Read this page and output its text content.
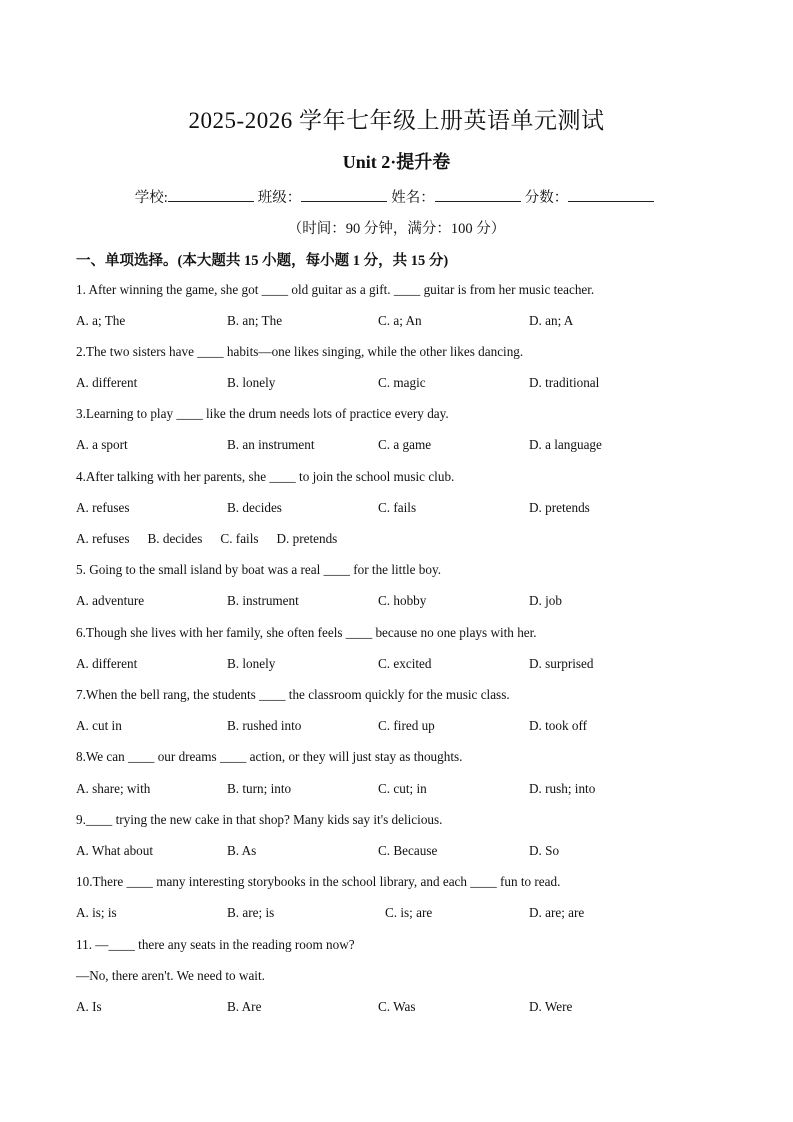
2025-2026 学年七年级上册英语单元测试
Unit 2·提升卷
学校:	班级：	姓名：	分数：
（时间：90 分钟，满分：100 分）
一、单项选择。(本大题共 15 小题，每小题 1 分，共 15 分)
1. After winning the game, she got ____ old guitar as a gift. ____ guitar is from her music teacher.
A. a; The	B. an; The	C. a; An	D. an; A
2.The two sisters have ____ habits—one likes singing, while the other likes dancing.
A. different	B. lonely	C. magic	D. traditional
3.Learning to play ____ like the drum needs lots of practice every day.
A. a sport	B. an instrument	C. a game	D. a language
4.After talking with her parents, she ____ to join the school music club.
A. refuses	B. decides	C. fails	D. pretends
A. refuses B. decides C. fails D. pretends
5. Going to the small island by boat was a real ____ for the little boy.
A. adventure	B. instrument	C. hobby	D. job
6.Though she lives with her family, she often feels ____ because no one plays with her.
A. different	B. lonely	C. excited	D. surprised
7.When the bell rang, the students ____ the classroom quickly for the music class.
A. cut in	B. rushed into	C. fired up	D. took off
8.We can ____ our dreams ____ action, or they will just stay as thoughts.
A. share; with	B. turn; into	C. cut; in	D. rush; into
9.____ trying the new cake in that shop? Many kids say it's delicious.
A. What about	B. As	C. Because	D. So
10.There ____ many interesting storybooks in the school library, and each ____ fun to read.
A. is; is	B. are; is	C. is; are	D. are; are
11. —____ there any seats in the reading room now?
—No, there aren't. We need to wait.
A. Is	B. Are	C. Was	D. Were
